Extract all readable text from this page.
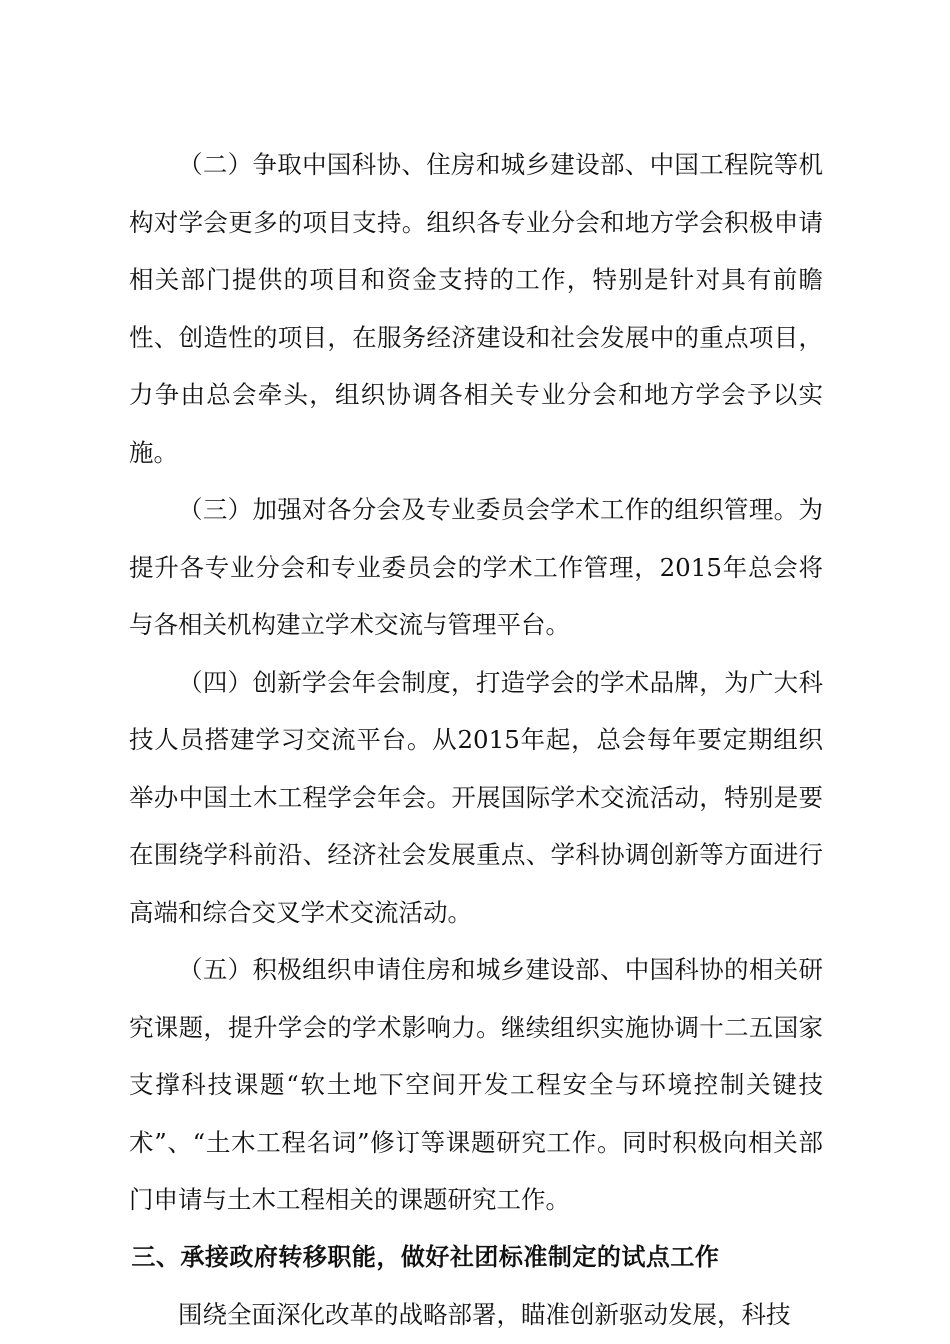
（二）争取中国科协、住房和城乡建设部、中国工程院等机构对学会更多的项目支持。组织各专业分会和地方学会积极申请相关部门提供的项目和资金支持的工作，特别是针对具有前瞻性、创造性的项目，在服务经济建设和社会发展中的重点项目，力争由总会牵头，组织协调各相关专业分会和地方学会予以实施。

（三）加强对各分会及专业委员会学术工作的组织管理。为提升各专业分会和专业委员会的学术工作管理，2015年总会将与各相关机构建立学术交流与管理平台。

（四）创新学会年会制度，打造学会的学术品牌，为广大科技人员搭建学习交流平台。从2015年起，总会每年要定期组织举办中国土木工程学会年会。开展国际学术交流活动，特别是要在围绕学科前沿、经济社会发展重点、学科协调创新等方面进行高端和综合交叉学术交流活动。

（五）积极组织申请住房和城乡建设部、中国科协的相关研究课题，提升学会的学术影响力。继续组织实施协调十二五国家支撑科技课题“软土地下空间开发工程安全与环境控制关键技术”、“土木工程名词”修订等课题研究工作。同时积极向相关部门申请与土木工程相关的课题研究工作。

三、承接政府转移职能，做好社团标准制定的试点工作

围绕全面深化改革的战略部署，瞄准创新驱动发展，科技
